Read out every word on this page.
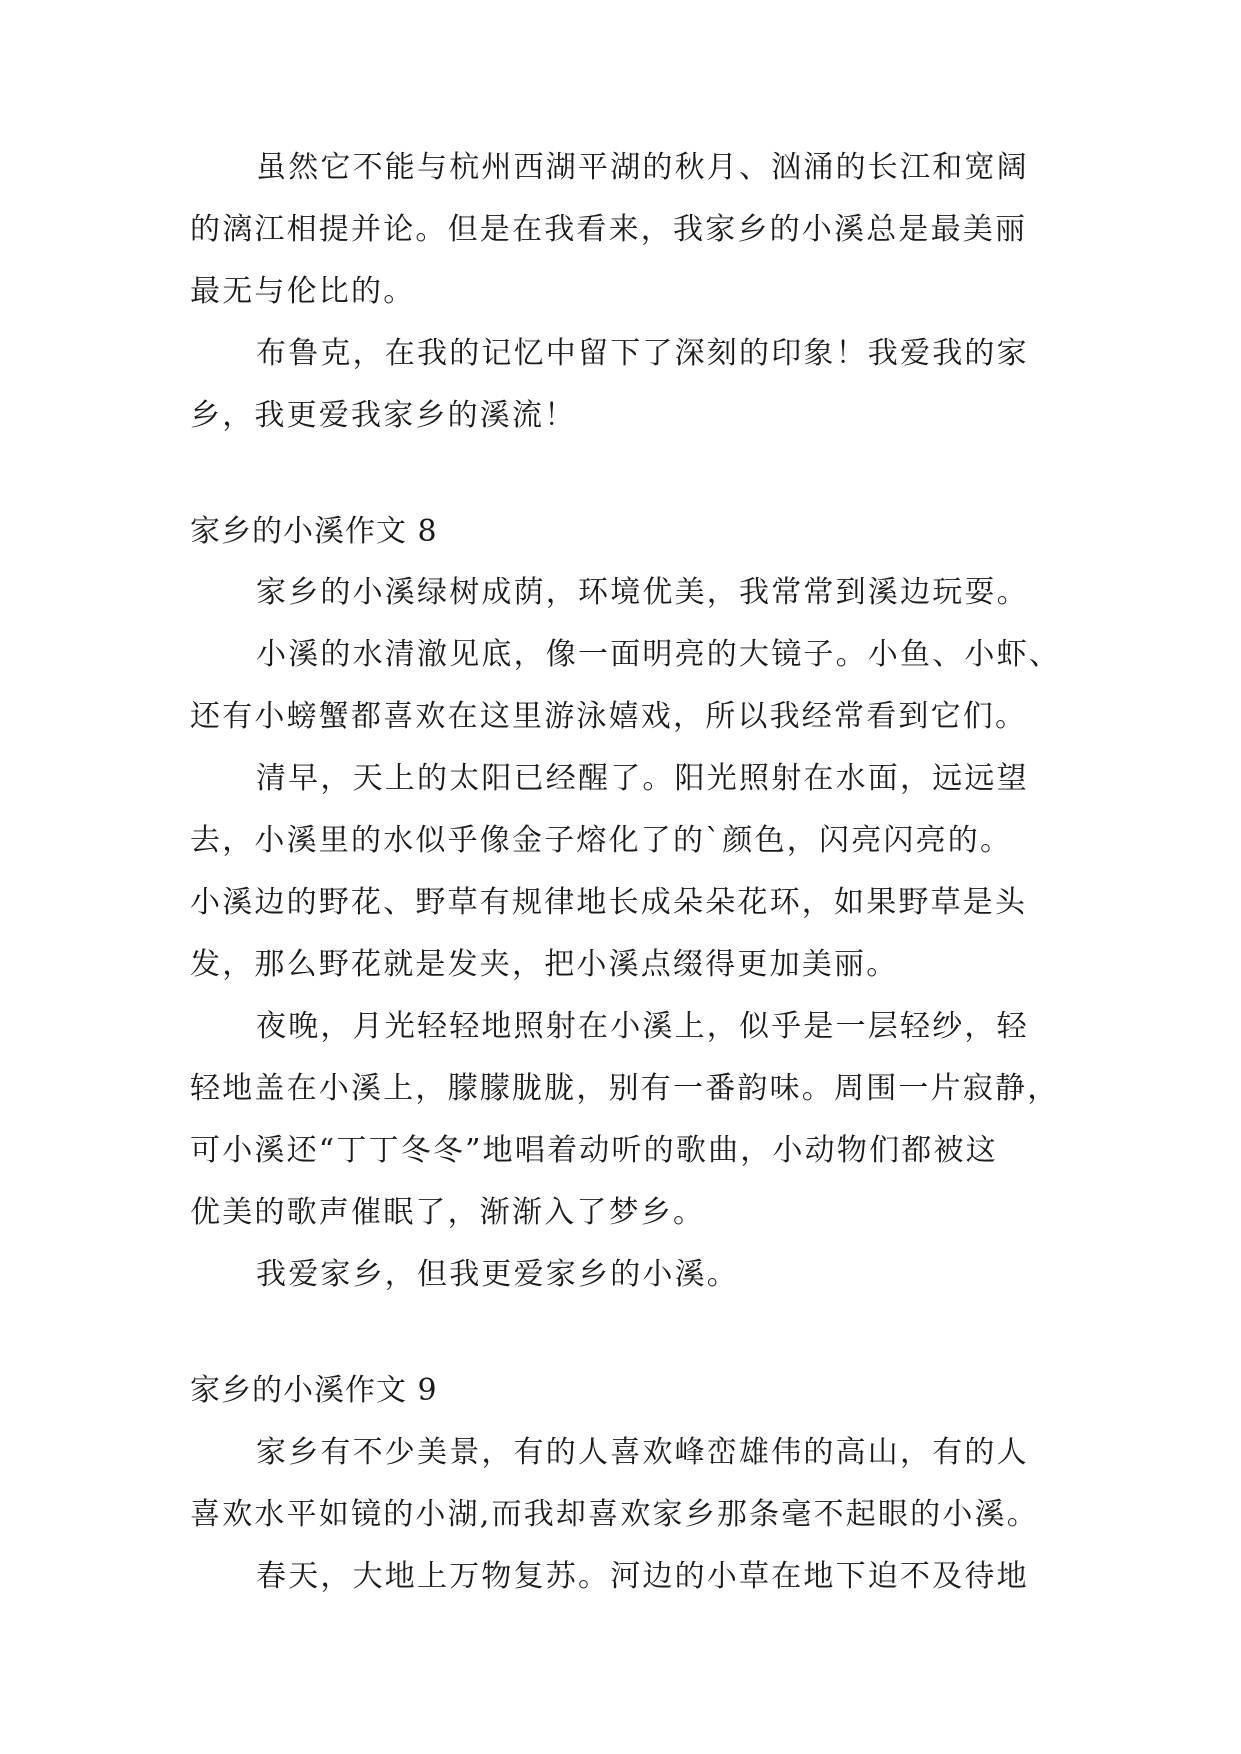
虽然它不能与杭州西湖平湖的秋月、汹涌的长江和宽阔
的漓江相提并论。但是在我看来，我家乡的小溪总是最美丽
最无与伦比的。
布鲁克，在我的记忆中留下了深刻的印象！我爱我的家
乡，我更爱我家乡的溪流！
家乡的小溪作文 8
家乡的小溪绿树成荫，环境优美，我常常到溪边玩耍。
小溪的水清澈见底，像一面明亮的大镜子。小鱼、小虾、
还有小螃蟹都喜欢在这里游泳嬉戏，所以我经常看到它们。
清早，天上的太阳已经醒了。阳光照射在水面，远远望
去，小溪里的水似乎像金子熔化了的`颜色，闪亮闪亮的。
小溪边的野花、野草有规律地长成朵朵花环，如果野草是头
发，那么野花就是发夹，把小溪点缀得更加美丽。
夜晚，月光轻轻地照射在小溪上，似乎是一层轻纱，轻
轻地盖在小溪上，朦朦胧胧，别有一番韵味。周围一片寂静，
可小溪还“丁丁冬冬”地唱着动听的歌曲，小动物们都被这
优美的歌声催眠了，渐渐入了梦乡。
我爱家乡，但我更爱家乡的小溪。
家乡的小溪作文 9
家乡有不少美景，有的人喜欢峰峦雄伟的高山，有的人
喜欢水平如镜的小湖,而我却喜欢家乡那条毫不起眼的小溪。
春天，大地上万物复苏。河边的小草在地下迫不及待地
